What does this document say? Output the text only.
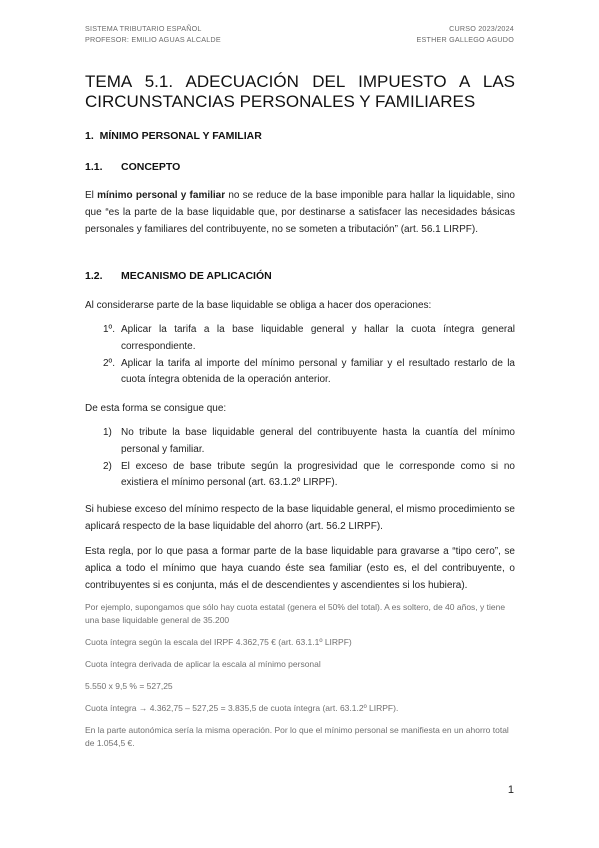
SISTEMA TRIBUTARIO ESPAÑOL
PROFESOR: EMILIO AGUAS ALCALDE
CURSO 2023/2024
ESTHER GALLEGO AGUDO
TEMA 5.1. ADECUACIÓN DEL IMPUESTO A LAS
CIRCUNSTANCIAS PERSONALES Y FAMILIARES
1. MÍNIMO PERSONAL Y FAMILIAR
1.1. CONCEPTO

El mínimo personal y familiar no se reduce de la base imponible para hallar la liquidable, sino que “es la parte de la base liquidable que, por destinarse a satisfacer las necesidades básicas personales y familiares del contribuyente, no se someten a tributación” (art. 56.1 LIRPF).

1.2. MECANISMO DE APLICACIÓN

Al considerarse parte de la base liquidable se obliga a hacer dos operaciones:

1º. Aplicar la tarifa a la base liquidable general y hallar la cuota íntegra general correspondiente.
2º. Aplicar la tarifa al importe del mínimo personal y familiar y el resultado restarlo de la cuota íntegra obtenida de la operación anterior.

De esta forma se consigue que:

1) No tribute la base liquidable general del contribuyente hasta la cuantía del mínimo personal y familiar.
2) El exceso de base tribute según la progresividad que le corresponde como si no existiera el mínimo personal (art. 63.1.2º LIRPF).

Si hubiese exceso del mínimo respecto de la base liquidable general, el mismo procedimiento se aplicará respecto de la base liquidable del ahorro (art. 56.2 LIRPF).

Esta regla, por lo que pasa a formar parte de la base liquidable para gravarse a “tipo cero”, se aplica a todo el mínimo que haya cuando éste sea familiar (esto es, el del contribuyente, o contribuyentes si es conjunta, más el de descendientes y ascendientes si los hubiera).

Por ejemplo, supongamos que sólo hay cuota estatal (genera el 50% del total). A es soltero, de 40 años, y tiene una base liquidable general de 35.200

Cuota íntegra según la escala del IRPF 4.362,75 € (art. 63.1.1º LIRPF)

Cuota íntegra derivada de aplicar la escala al mínimo personal

5.550 x 9,5 % = 527,25

Cuota íntegra → 4.362,75 – 527,25 = 3.835,5 de cuota íntegra (art. 63.1.2º LIRPF).

En la parte autonómica sería la misma operación. Por lo que el mínimo personal se manifiesta en un ahorro total de 1.054,5 €.

1
